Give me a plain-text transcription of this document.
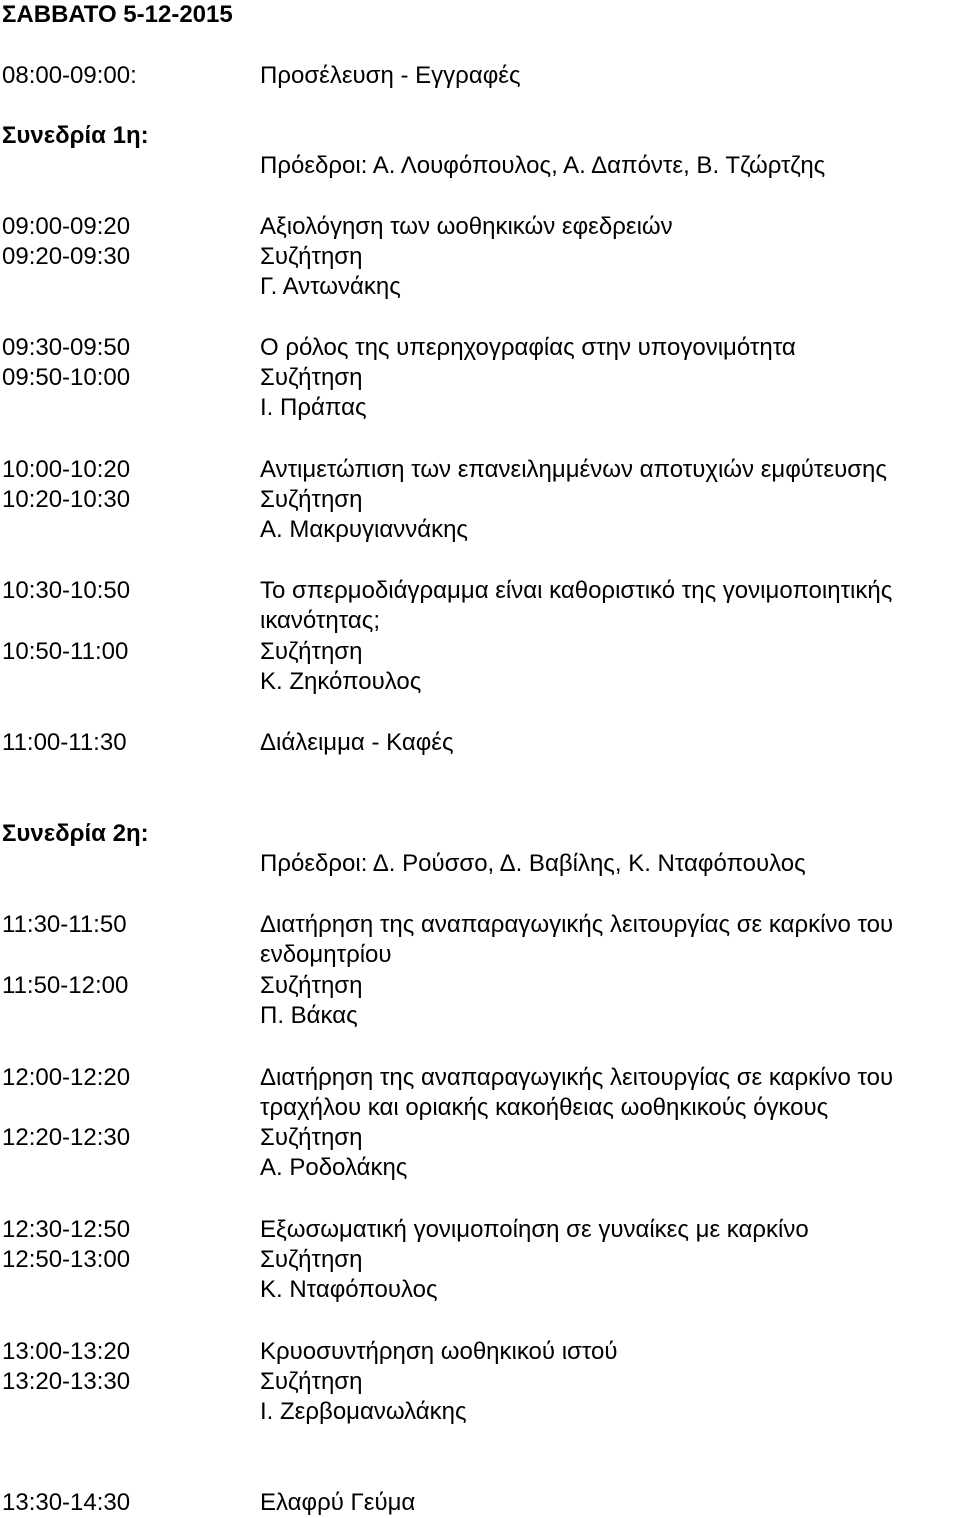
ΣΑΒΒΑΤΟ 5-12-2015
08:00-09:00:	Προσέλευση - Εγγραφές
Συνεδρία 1η:
Πρόεδροι: Α. Λουφόπουλος, Α. Δαπόντε, Β. Τζώρτζης
09:00-09:20	Αξιολόγηση των ωοθηκικών εφεδρειών
09:20-09:30	Συζήτηση
Γ. Αντωνάκης
09:30-09:50	Ο ρόλος της υπερηχογραφίας στην υπογονιμότητα
09:50-10:00	Συζήτηση
Ι. Πράπας
10:00-10:20	Αντιμετώπιση των επανειλημμένων αποτυχιών εμφύτευσης
10:20-10:30	Συζήτηση
Α. Μακρυγιαννάκης
10:30-10:50	Το σπερμοδιάγραμμα είναι καθοριστικό της γονιμοποιητικής
ικανότητας;
10:50-11:00	Συζήτηση
Κ. Ζηκόπουλος
11:00-11:30	Διάλειμμα - Καφές
Συνεδρία 2η:
Πρόεδροι: Δ. Ρούσσο, Δ. Βαβίλης, Κ. Νταφόπουλος
11:30-11:50	Διατήρηση της αναπαραγωγικής λειτουργίας σε καρκίνο του
ενδομητρίου
11:50-12:00	Συζήτηση
Π. Βάκας
12:00-12:20	Διατήρηση της αναπαραγωγικής λειτουργίας σε καρκίνο του
τραχήλου και οριακής κακοήθειας ωοθηκικούς όγκους
12:20-12:30	Συζήτηση
Α. Ροδολάκης
12:30-12:50	Εξωσωματική γονιμοποίηση σε γυναίκες με καρκίνο
12:50-13:00	Συζήτηση
Κ. Νταφόπουλος
13:00-13:20	Κρυοσυντήρηση ωοθηκικού ιστού
13:20-13:30	Συζήτηση
Ι. Ζερβομανωλάκης
13:30-14:30	Ελαφρύ Γεύμα
